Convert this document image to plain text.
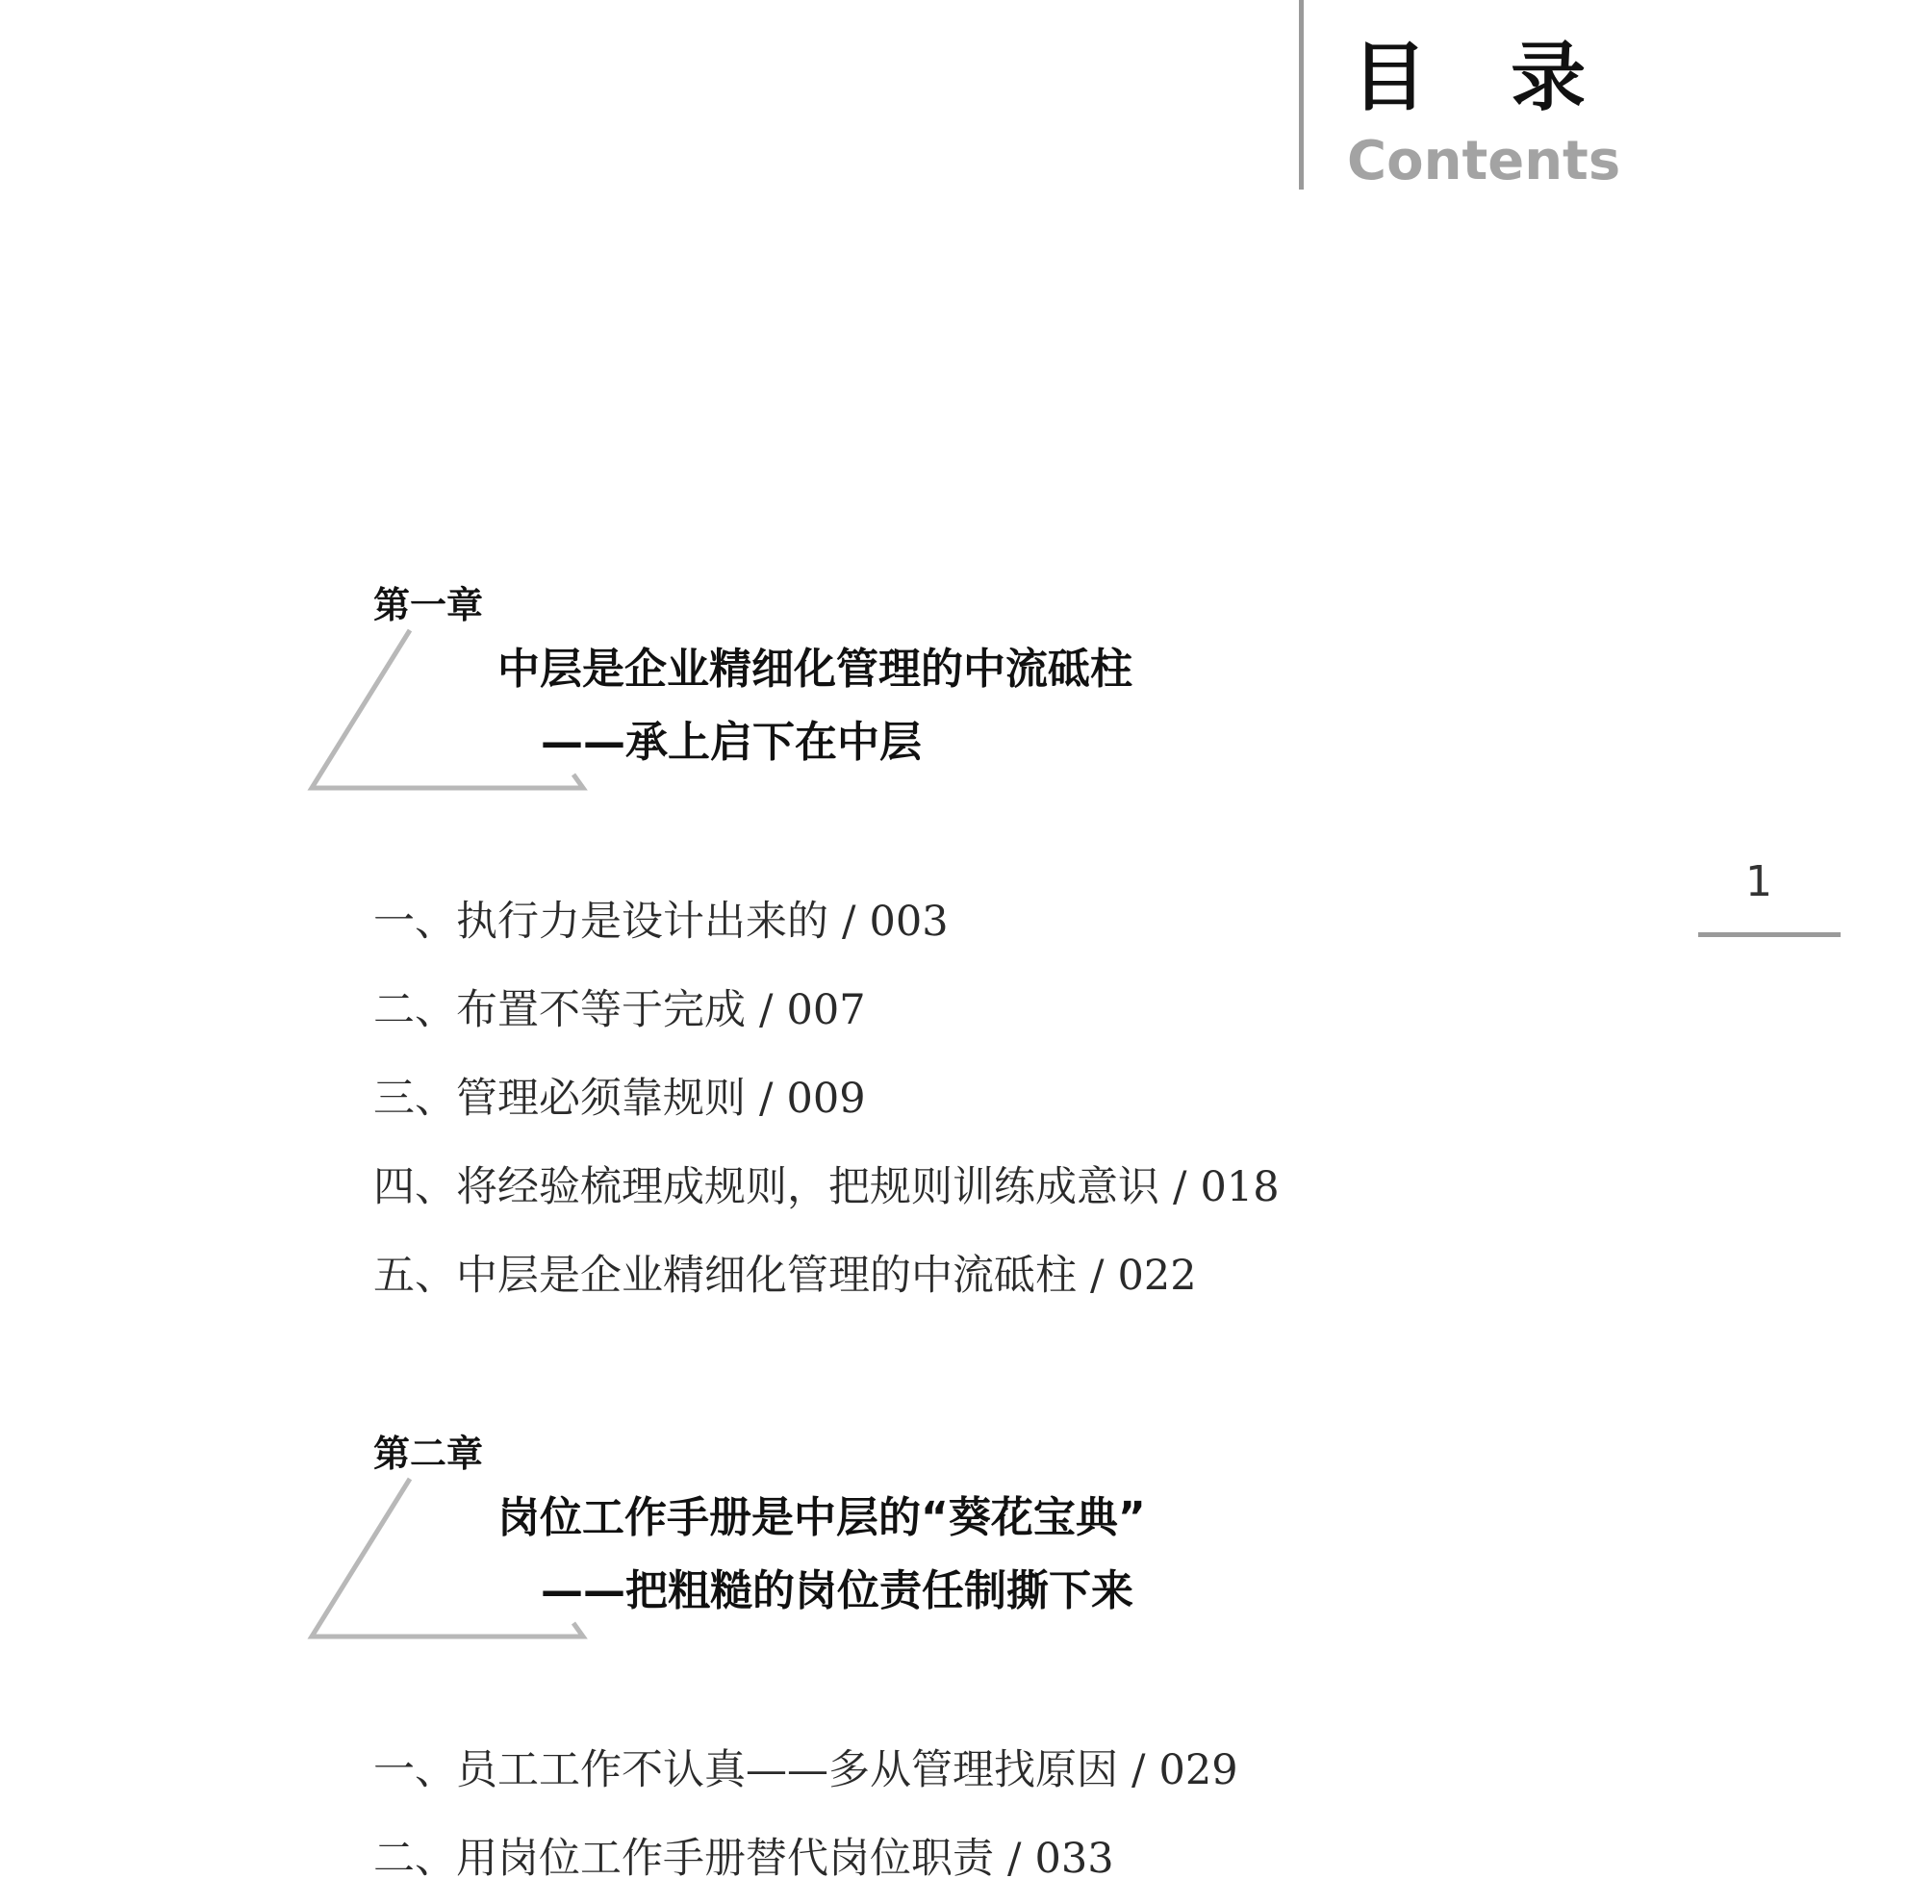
目 录
Contents
1
第一章
中层是企业精细化管理的中流砥柱
——承上启下在中层
一、执行力是设计出来的 / 003
二、布置不等于完成 / 007
三、管理必须靠规则 / 009
四、将经验梳理成规则，把规则训练成意识 / 018
五、中层是企业精细化管理的中流砥柱 / 022
第二章
岗位工作手册是中层的“葵花宝典”
——把粗糙的岗位责任制撕下来
一、员工工作不认真——多从管理找原因 / 029
二、用岗位工作手册替代岗位职责 / 033
